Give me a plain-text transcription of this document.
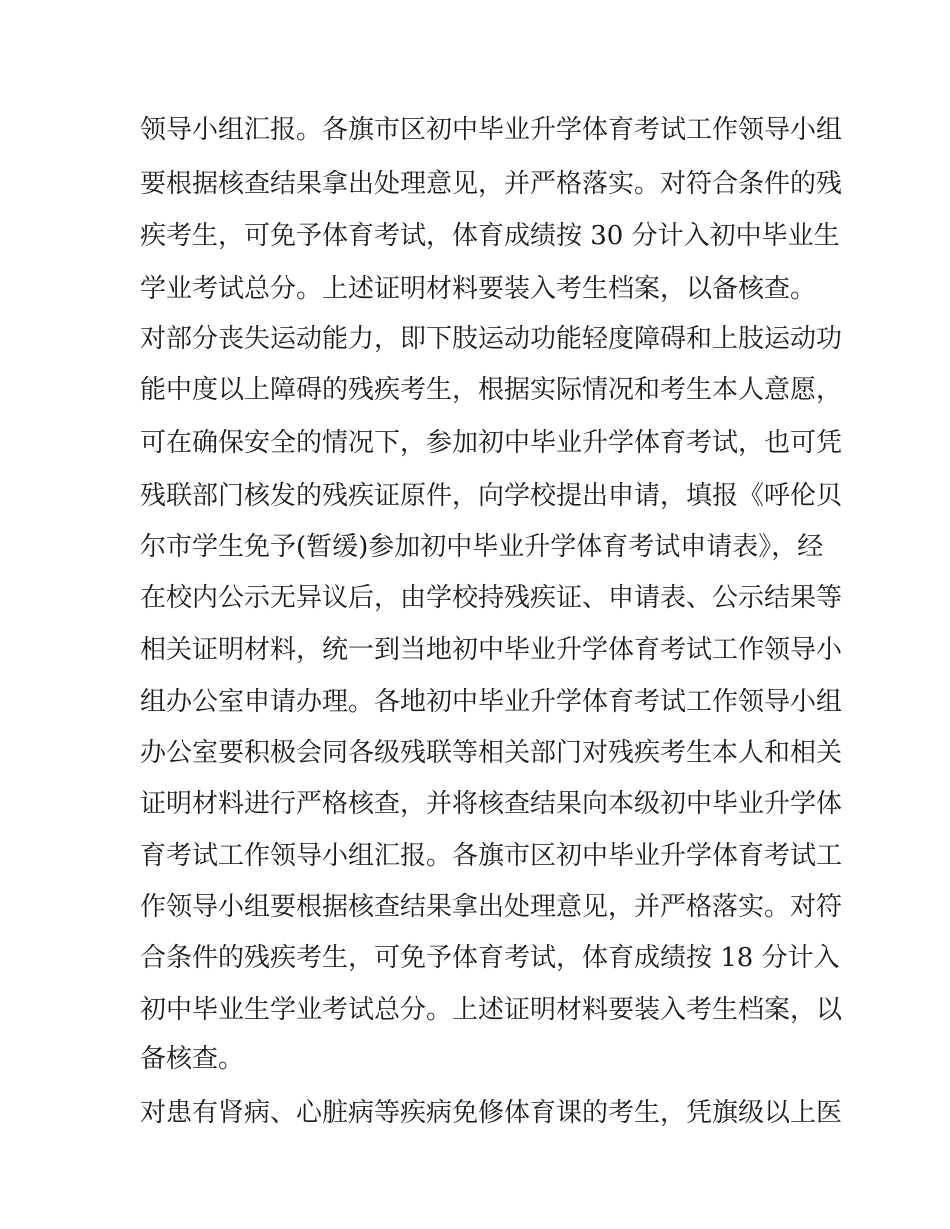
领导小组汇报。各旗市区初中毕业升学体育考试工作领导小组
要根据核查结果拿出处理意见，并严格落实。对符合条件的残
疾考生，可免予体育考试，体育成绩按 30 分计入初中毕业生
学业考试总分。上述证明材料要装入考生档案，以备核查。
对部分丧失运动能力，即下肢运动功能轻度障碍和上肢运动功
能中度以上障碍的残疾考生，根据实际情况和考生本人意愿，
可在确保安全的情况下，参加初中毕业升学体育考试，也可凭
残联部门核发的残疾证原件，向学校提出申请，填报《呼伦贝
尔市学生免予(暂缓)参加初中毕业升学体育考试申请表》，经
在校内公示无异议后，由学校持残疾证、申请表、公示结果等
相关证明材料，统一到当地初中毕业升学体育考试工作领导小
组办公室申请办理。各地初中毕业升学体育考试工作领导小组
办公室要积极会同各级残联等相关部门对残疾考生本人和相关
证明材料进行严格核查，并将核查结果向本级初中毕业升学体
育考试工作领导小组汇报。各旗市区初中毕业升学体育考试工
作领导小组要根据核查结果拿出处理意见，并严格落实。对符
合条件的残疾考生，可免予体育考试，体育成绩按 18 分计入
初中毕业生学业考试总分。上述证明材料要装入考生档案，以
备核查。
对患有肾病、心脏病等疾病免修体育课的考生，凭旗级以上医
